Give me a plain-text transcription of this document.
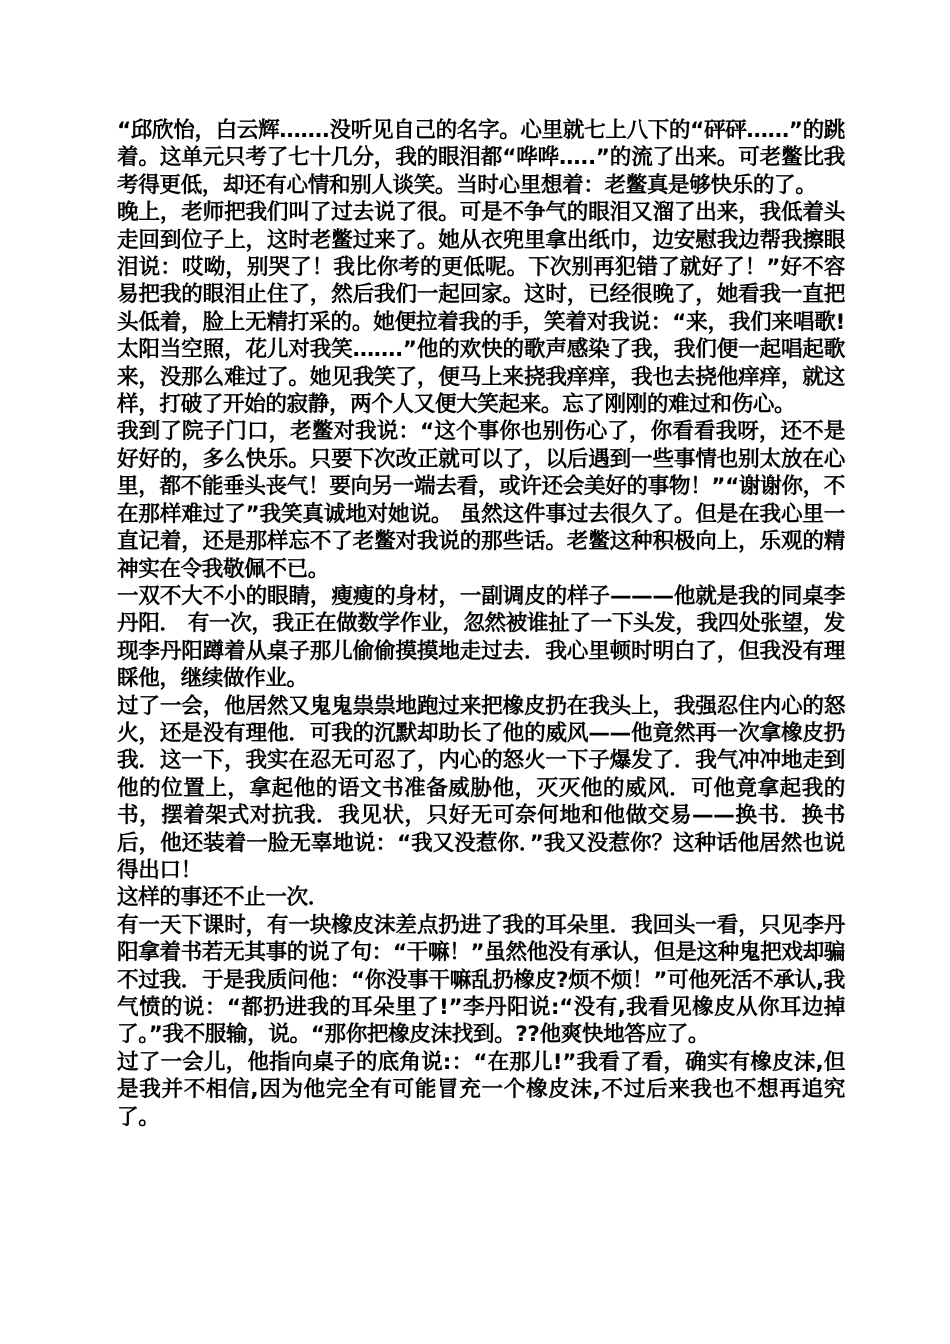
“邱欣怡，白云辉…….没听见自己的名字。心里就七上八下的“砰砰……”的跳着。这单元只考了七十几分，我的眼泪都“哗哗…..”的流了出来。可老鳖比我考得更低，却还有心情和别人谈笑。当时心里想着：老鳖真是够快乐的了。

晚上，老师把我们叫了过去说了很。可是不争气的眼泪又溜了出来，我低着头走回到位子上，这时老鳖过来了。她从衣兜里拿出纸巾，边安慰我边帮我擦眼泪说：哎呦，别哭了！我比你考的更低呢。下次别再犯错了就好了！”好不容易把我的眼泪止住了，然后我们一起回家。这时，已经很晚了，她看我一直把头低着，脸上无精打采的。她便拉着我的手，笑着对我说：“来，我们来唱歌!太阳当空照，花儿对我笑…….”他的欢快的歌声感染了我，我们便一起唱起歌来，没那么难过了。她见我笑了，便马上来挠我痒痒，我也去挠他痒痒，就这样，打破了开始的寂静，两个人又便大笑起来。忘了刚刚的难过和伤心。

我到了院子门口，老鳖对我说：“这个事你也别伤心了，你看看我呀，还不是好好的，多么快乐。只要下次改正就可以了，以后遇到一些事情也别太放在心里，都不能垂头丧气！要向另一端去看，或许还会美好的事物！”“谢谢你，不在那样难过了”我笑真诚地对她说。 虽然这件事过去很久了。但是在我心里一直记着，还是那样忘不了老鳖对我说的那些话。老鳖这种积极向上，乐观的精神实在令我敬佩不已。

一双不大不小的眼睛，瘦瘦的身材，一副调皮的样子———他就是我的同桌李丹阳． 有一次，我正在做数学作业，忽然被谁扯了一下头发，我四处张望，发现李丹阳蹲着从桌子那儿偷偷摸摸地走过去．我心里顿时明白了，但我没有理睬他，继续做作业。

过了一会，他居然又鬼鬼祟祟地跑过来把橡皮扔在我头上，我强忍住内心的怒火，还是没有理他．可我的沉默却助长了他的威风——他竟然再一次拿橡皮扔我．这一下，我实在忍无可忍了，内心的怒火一下子爆发了．我气冲冲地走到他的位置上，拿起他的语文书准备威胁他，灭灭他的威风．可他竟拿起我的书，摆着架式对抗我．我见状，只好无可奈何地和他做交易——换书．换书后，他还装着一脸无辜地说：“我又没惹你．”我又没惹你？这种话他居然也说得出口！

这样的事还不止一次．

有一天下课时，有一块橡皮沫差点扔进了我的耳朵里．我回头一看，只见李丹阳拿着书若无其事的说了句：“干嘛！”虽然他没有承认，但是这种鬼把戏却骗不过我．于是我质问他：“你没事干嘛乱扔橡皮?烦不烦！”可他死活不承认,我气愤的说：“都扔进我的耳朵里了!”李丹阳说:“没有,我看见橡皮从你耳边掉了。”我不服输，说。“那你把橡皮沫找到。??他爽快地答应了。

过了一会儿，他指向桌子的底角说:：“在那儿!”我看了看，确实有橡皮沫,但是我并不相信,因为他完全有可能冒充一个橡皮沫,不过后来我也不想再追究了。
